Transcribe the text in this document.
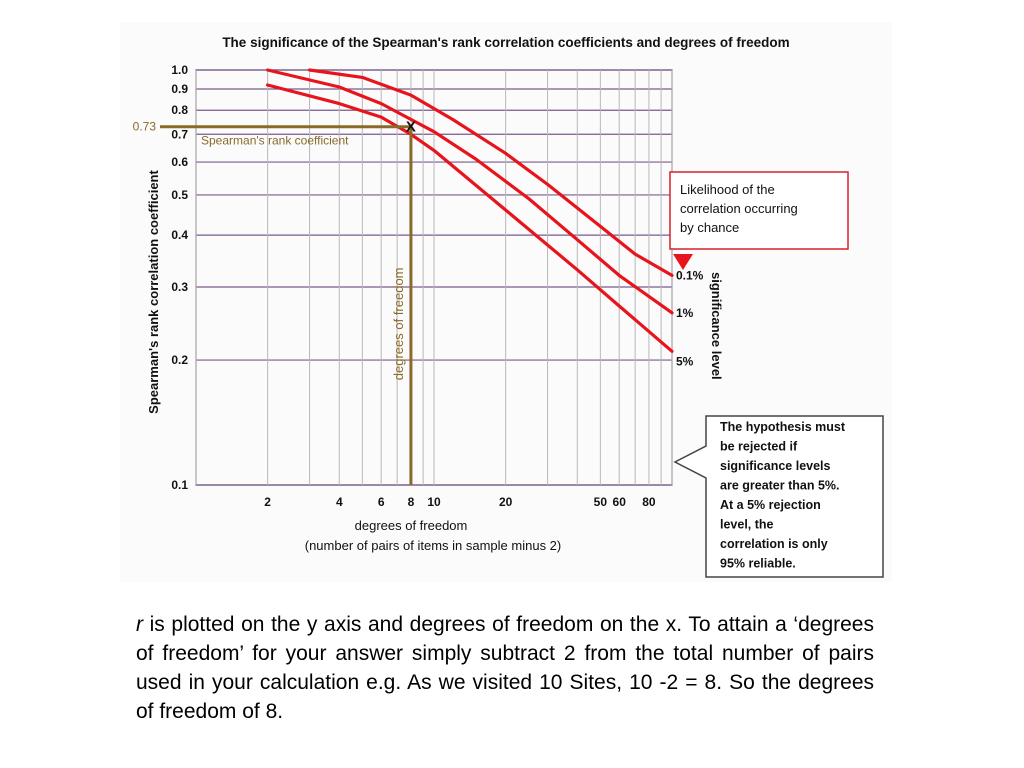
The significance of the Spearman's rank correlation coefficients and degrees of freedom
0.1
0.2
0.3
0.4
0.5
0.6
0.7
0.8
0.9
1.0
2	4	6 8 10	20	50 60 80
X
0.73
Spearman's rank coefficient
degrees of freedom
Spearman's rank correlation coefficient
degrees of freedom
(number of pairs of items in sample minus 2)
0.1%
1%
5% significance level
Likelihood of the correlation occurring by chance
The hypothesis must be rejected if significance levels are greater than 5%. At a 5% rejection level, the correlation is only 95% reliable.

r is plotted on the y axis and degrees of freedom on the x. To attain a ‘degrees of freedom’ for your answer simply subtract 2 from the total number of pairs used in your calculation e.g. As we visited 10 Sites, 10 -2 = 8. So the degrees of freedom of 8.
